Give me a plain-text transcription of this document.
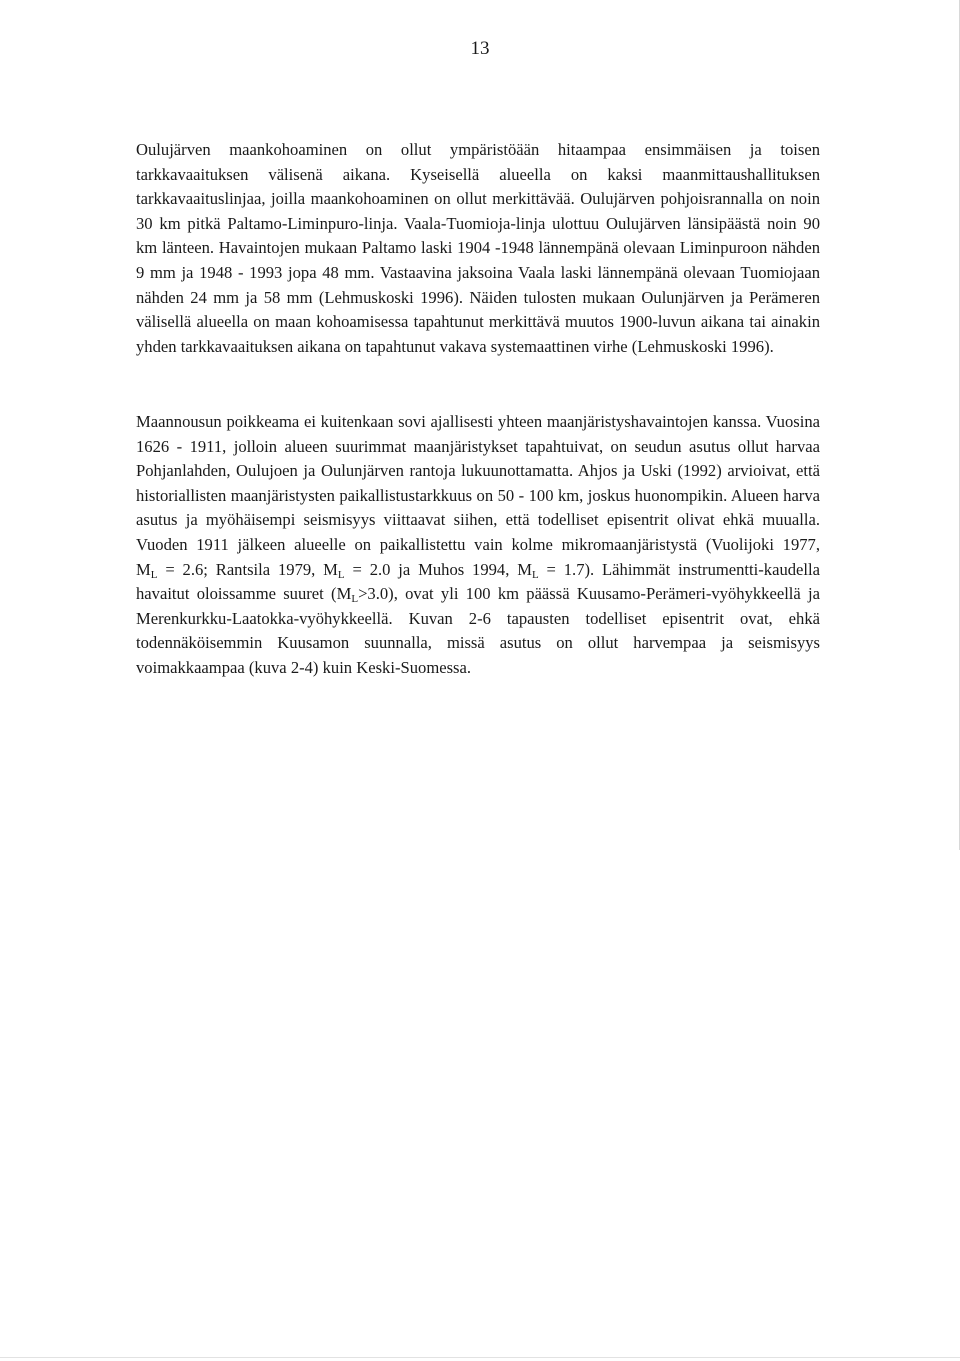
13

Oulujärven maankohoaminen on ollut ympäristöään hitaampaa ensimmäisen ja toisen tarkkavaaituksen välisenä aikana. Kyseisellä alueella on kaksi maanmittaushallituksen tarkkavaaituslinjaa, joilla maankohoaminen on ollut merkittävää. Oulujärven pohjoisrannalla on noin 30 km pitkä Paltamo-Liminpuro-linja. Vaala-Tuomioja-linja ulottuu Oulujärven länsipäästä noin 90 km länteen. Havaintojen mukaan Paltamo laski 1904 -1948 lännempänä olevaan Liminpuroon nähden 9 mm ja 1948 - 1993 jopa 48 mm. Vastaavina jaksoina Vaala laski lännempänä olevaan Tuomiojaan nähden 24 mm ja 58 mm (Lehmuskoski 1996). Näiden tulosten mukaan Oulunjärven ja Perämeren välisellä alueella on maan kohoamisessa tapahtunut merkittävä muutos 1900-luvun aikana tai ainakin yhden tarkkavaaituksen aikana on tapahtunut vakava systemaattinen virhe (Lehmuskoski 1996).

Maannousun poikkeama ei kuitenkaan sovi ajallisesti yhteen maanjäristyshavaintojen kanssa. Vuosina 1626 - 1911, jolloin alueen suurimmat maanjäristykset tapahtuivat, on seudun asutus ollut harvaa Pohjanlahden, Oulujoen ja Oulunjärven rantoja lukuunottamatta. Ahjos ja Uski (1992) arvioivat, että historiallisten maanjäristysten paikallistustarkkuus on 50 - 100 km, joskus huonompikin. Alueen harva asutus ja myöhäisempi seismisyys viittaavat siihen, että todelliset episentrit olivat ehkä muualla. Vuoden 1911 jälkeen alueelle on paikallistettu vain kolme mikromaanjäristystä (Vuolijoki 1977, $M_L = 2.6$; Rantsila 1979, $M_L = 2.0$ ja Muhos 1994, $M_L = 1.7$). Lähimmät instrumentti-kaudella havaitut oloissamme suuret $(M_L>3.0)$, ovat yli 100 km päässä Kuusamo-Perämeri-vyöhykkeellä ja Merenkurkku-Laatokka-vyöhykkeellä. Kuvan 2-6 tapausten todelliset episentrit ovat, ehkä todennäköisemmin Kuusamon suunnalla, missä asutus on ollut harvempaa ja seismisyys voimakkaampaa (kuva 2-4) kuin Keski-Suomessa.
